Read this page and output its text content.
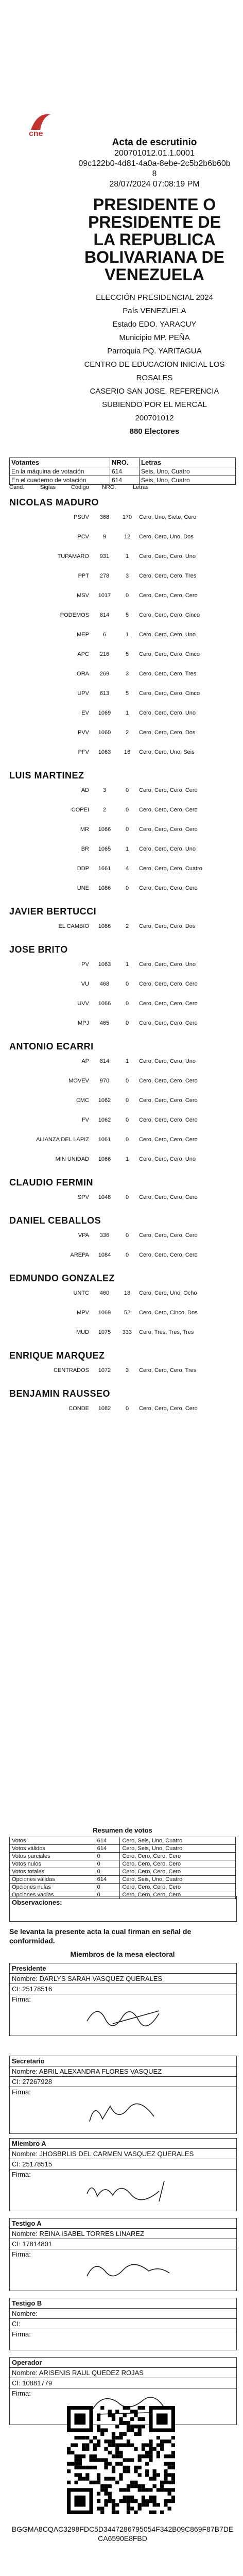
cne
Acta de escrutinio
200701012.01.1.0001
09c122b0-4d81-4a0a-8ebe-2c5b2b6b60b8
28/07/2024 07:08:19 PM
PRESIDENTE O PRESIDENTE DE LA REPUBLICA BOLIVARIANA DE VENEZUELA
ELECCIÓN PRESIDENCIAL 2024
País VENEZUELA
Estado EDO. YARACUY
Municipio MP. PEÑA
Parroquia PQ. YARITAGUA
CENTRO DE EDUCACION INICIAL LOS ROSALES
CASERIO SAN JOSE. REFERENCIA SUBIENDO POR EL MERCAL
200701012
880 Electores
Votantes	NRO.	Letras
En la máquina de votación	614	Seis, Uno, Cuatro
En el cuaderno de votación	614	Seis, Uno, Cuatro
Cand.	Siglas	Código	NRO.	Letras
NICOLAS MADURO
PSUV	368	170	Cero, Uno, Siete, Cero
PCV	9	12	Cero, Cero, Uno, Dos
TUPAMARO	931	1	Cero, Cero, Cero, Uno
PPT	278	3	Cero, Cero, Cero, Tres
MSV	1017	0	Cero, Cero, Cero, Cero
PODEMOS	814	5	Cero, Cero, Cero, Cinco
MEP	6	1	Cero, Cero, Cero, Uno
APC	216	5	Cero, Cero, Cero, Cinco
ORA	269	3	Cero, Cero, Cero, Tres
UPV	613	5	Cero, Cero, Cero, Cinco
EV	1069	1	Cero, Cero, Cero, Uno
PVV	1060	2	Cero, Cero, Cero, Dos
PFV	1063	16	Cero, Cero, Uno, Seis
LUIS MARTINEZ
AD	3	0	Cero, Cero, Cero, Cero
COPEI	2	0	Cero, Cero, Cero, Cero
MR	1066	0	Cero, Cero, Cero, Cero
BR	1065	1	Cero, Cero, Cero, Uno
DDP	1661	4	Cero, Cero, Cero, Cuatro
UNE	1086	0	Cero, Cero, Cero, Cero
JAVIER BERTUCCI
EL CAMBIO	1086	2	Cero, Cero, Cero, Dos
JOSE BRITO
PV	1063	1	Cero, Cero, Cero, Uno
VU	468	0	Cero, Cero, Cero, Cero
UVV	1066	0	Cero, Cero, Cero, Cero
MPJ	465	0	Cero, Cero, Cero, Cero
ANTONIO ECARRI
AP	814	1	Cero, Cero, Cero, Uno
MOVEV	970	0	Cero, Cero, Cero, Cero
CMC	1062	0	Cero, Cero, Cero, Cero
FV	1062	0	Cero, Cero, Cero, Cero
ALIANZA DEL LAPIZ	1061	0	Cero, Cero, Cero, Cero
MIN UNIDAD	1066	1	Cero, Cero, Cero, Uno
CLAUDIO FERMIN
SPV	1048	0	Cero, Cero, Cero, Cero
DANIEL CEBALLOS
VPA	336	0	Cero, Cero, Cero, Cero
AREPA	1084	0	Cero, Cero, Cero, Cero
EDMUNDO GONZALEZ
UNTC	460	18	Cero, Cero, Uno, Ocho
MPV	1069	52	Cero, Cero, Cinco, Dos
MUD	1075	333	Cero, Tres, Tres, Tres
ENRIQUE MARQUEZ
CENTRADOS	1072	3	Cero, Cero, Cero, Tres
BENJAMIN RAUSSEO
CONDE	1082	0	Cero, Cero, Cero, Cero
Resumen de votos
Votos	614	Cero, Seis, Uno, Cuatro
Votos válidos	614	Cero, Seis, Uno, Cuatro
Votos parciales	0	Cero, Cero, Cero, Cero
Votos nulos	0	Cero, Cero, Cero, Cero
Votos totales	0	Cero, Cero, Cero, Cero
Opciones válidas	614	Cero, Seis, Uno, Cuatro
Opciones nulas	0	Cero, Cero, Cero, Cero
Opciones vacías	0	Cero, Cero, Cero, Cero
Observaciones:
Se levanta la presente acta la cual firman en señal de conformidad.
Miembros de la mesa electoral
Presidente
Nombre: DARLYS SARAH VASQUEZ QUERALES
CI: 25178516
Firma:
Secretario
Nombre: ABRIL ALEXANDRA FLORES VASQUEZ
CI: 27267928
Firma:
Miembro A
Nombre: JHOSBRLIS DEL CARMEN VASQUEZ QUERALES
CI: 25178515
Firma:
Testigo A
Nombre: REINA ISABEL TORRES LINAREZ
CI: 17814801
Firma:
Testigo B
Nombre:
CI:
Firma:
Operador
Nombre: ARISENIS RAUL QUEDEZ ROJAS
CI: 10881779
Firma:
BGGMA8CQAC3298FDC5D3447286795054F342B09C869F87B7DECA6590E8FBD
